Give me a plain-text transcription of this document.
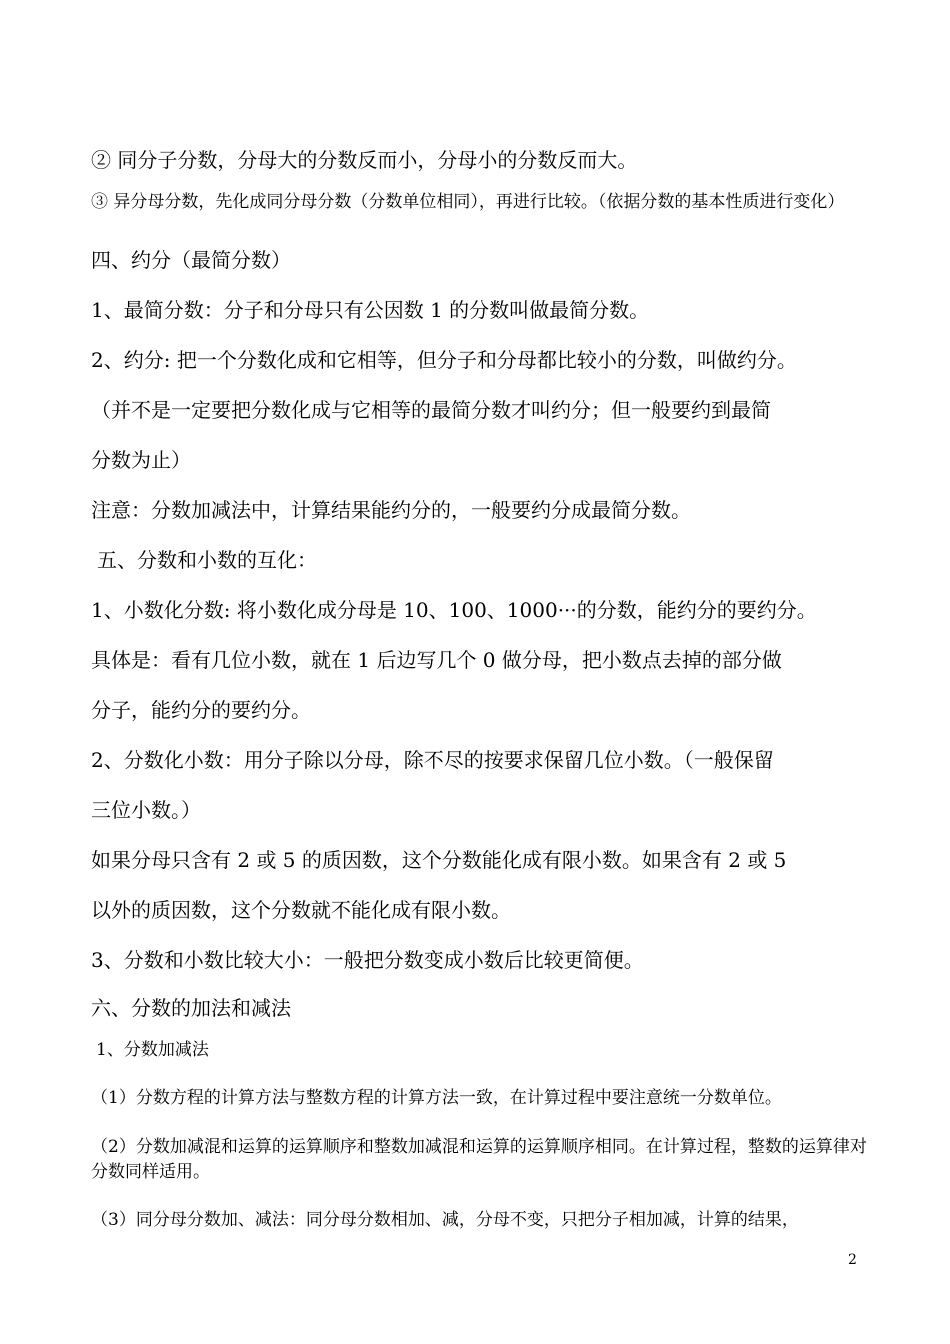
② 同分子分数，分母大的分数反而小，分母小的分数反而大。
③ 异分母分数，先化成同分母分数（分数单位相同），再进行比较。（依据分数的基本性质进行变化）
四、约分（最简分数）
1、最简分数：分子和分母只有公因数 1 的分数叫做最简分数。
2、约分: 把一个分数化成和它相等，但分子和分母都比较小的分数，叫做约分。
（并不是一定要把分数化成与它相等的最简分数才叫约分；但一般要约到最简
分数为止）
注意：分数加减法中，计算结果能约分的，一般要约分成最简分数。
五、分数和小数的互化：
1、小数化分数: 将小数化成分母是 10、100、1000···的分数，能约分的要约分。
具体是：看有几位小数，就在 1 后边写几个 0 做分母，把小数点去掉的部分做
分子，能约分的要约分。
2、分数化小数：用分子除以分母，除不尽的按要求保留几位小数。（一般保留
三位小数。）
如果分母只含有 2 或 5 的质因数，这个分数能化成有限小数。如果含有 2 或 5
以外的质因数，这个分数就不能化成有限小数。
3、分数和小数比较大小：一般把分数变成小数后比较更简便。
六、分数的加法和减法
1、分数加减法
（1）分数方程的计算方法与整数方程的计算方法一致，在计算过程中要注意统一分数单位。
（2）分数加减混和运算的运算顺序和整数加减混和运算的运算顺序相同。在计算过程，整数的运算律对分数同样适用。
（3）同分母分数加、减法：同分母分数相加、减，分母不变，只把分子相加减，计算的结果，
2
